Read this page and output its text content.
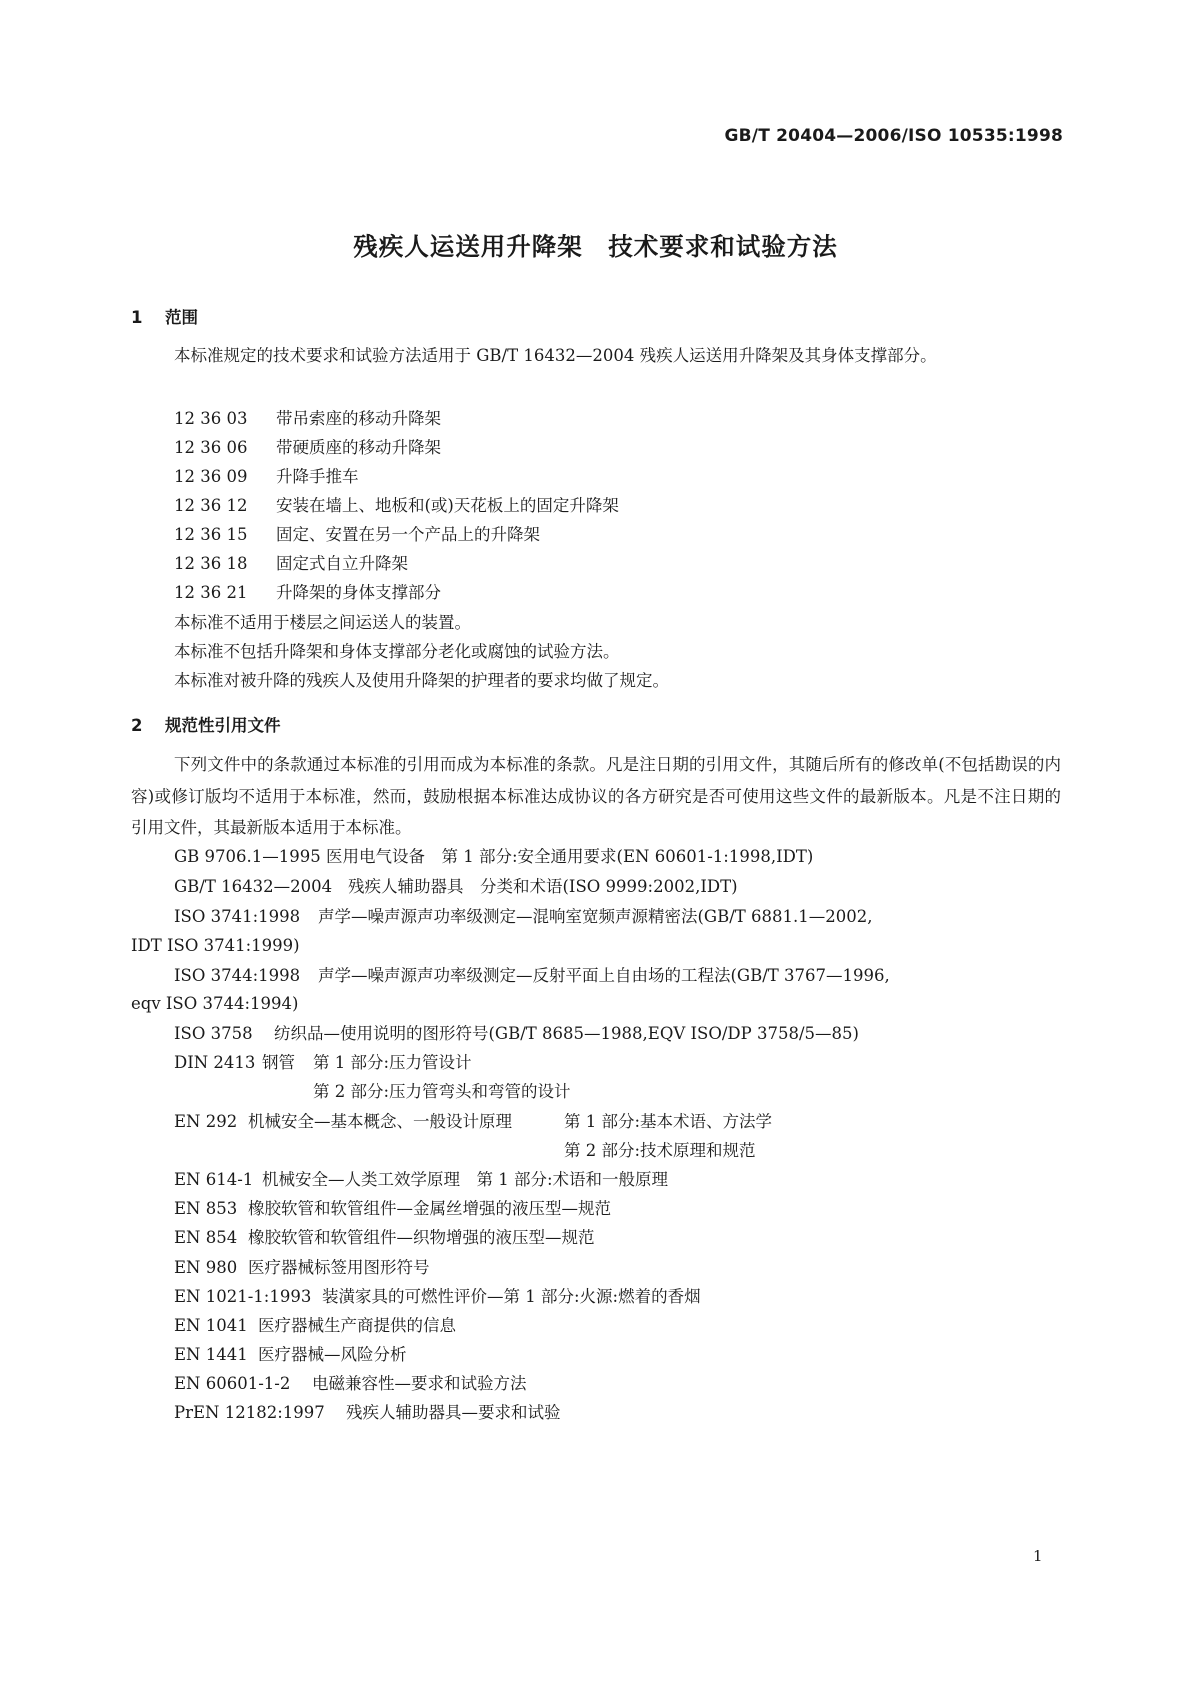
GB/T 20404—2006/ISO 10535:1998
残疾人运送用升降架　技术要求和试验方法
1 范围

本标准规定的技术要求和试验方法适用于 GB/T 16432—2004 残疾人运送用升降架及其身体支撑部分。

12 36 03 带吊索座的移动升降架
12 36 06 带硬质座的移动升降架
12 36 09 升降手推车
12 36 12 安装在墙上、地板和(或)天花板上的固定升降架
12 36 15 固定、安置在另一个产品上的升降架
12 36 18 固定式自立升降架
12 36 21 升降架的身体支撑部分
本标准不适用于楼层之间运送人的装置。
本标准不包括升降架和身体支撑部分老化或腐蚀的试验方法。
本标准对被升降的残疾人及使用升降架的护理者的要求均做了规定。
2 规范性引用文件

下列文件中的条款通过本标准的引用而成为本标准的条款。凡是注日期的引用文件，其随后所有的修改单(不包括勘误的内容)或修订版均不适用于本标准，然而，鼓励根据本标准达成协议的各方研究是否可使用这些文件的最新版本。凡是不注日期的引用文件，其最新版本适用于本标准。

GB 9706.1—1995 医用电气设备　第 1 部分:安全通用要求(EN 60601-1:1998,IDT)
GB/T 16432—2004 残疾人辅助器具　分类和术语(ISO 9999:2002,IDT)
ISO 3741:1998 声学—噪声源声功率级测定—混响室宽频声源精密法(GB/T 6881.1—2002,
IDT ISO 3741:1999)
ISO 3744:1998 声学—噪声源声功率级测定—反射平面上自由场的工程法(GB/T 3767—1996,
eqv ISO 3744:1994)
ISO 3758 纺织品—使用说明的图形符号(GB/T 8685—1988,EQV ISO/DP 3758/5—85)
DIN 2413 钢管 第 1 部分:压力管设计
第 2 部分:压力管弯头和弯管的设计
EN 292 机械安全—基本概念、一般设计原理	第 1 部分:基本术语、方法学
第 2 部分:技术原理和规范
EN 614-1 机械安全—人类工效学原理　第 1 部分:术语和一般原理
EN 853 橡胶软管和软管组件—金属丝增强的液压型—规范
EN 854 橡胶软管和软管组件—织物增强的液压型—规范
EN 980 医疗器械标签用图形符号
EN 1021-1:1993 装潢家具的可燃性评价—第 1 部分:火源:燃着的香烟
EN 1041 医疗器械生产商提供的信息
EN 1441 医疗器械—风险分析
EN 60601-1-2 电磁兼容性—要求和试验方法
PrEN 12182:1997 残疾人辅助器具—要求和试验
1
